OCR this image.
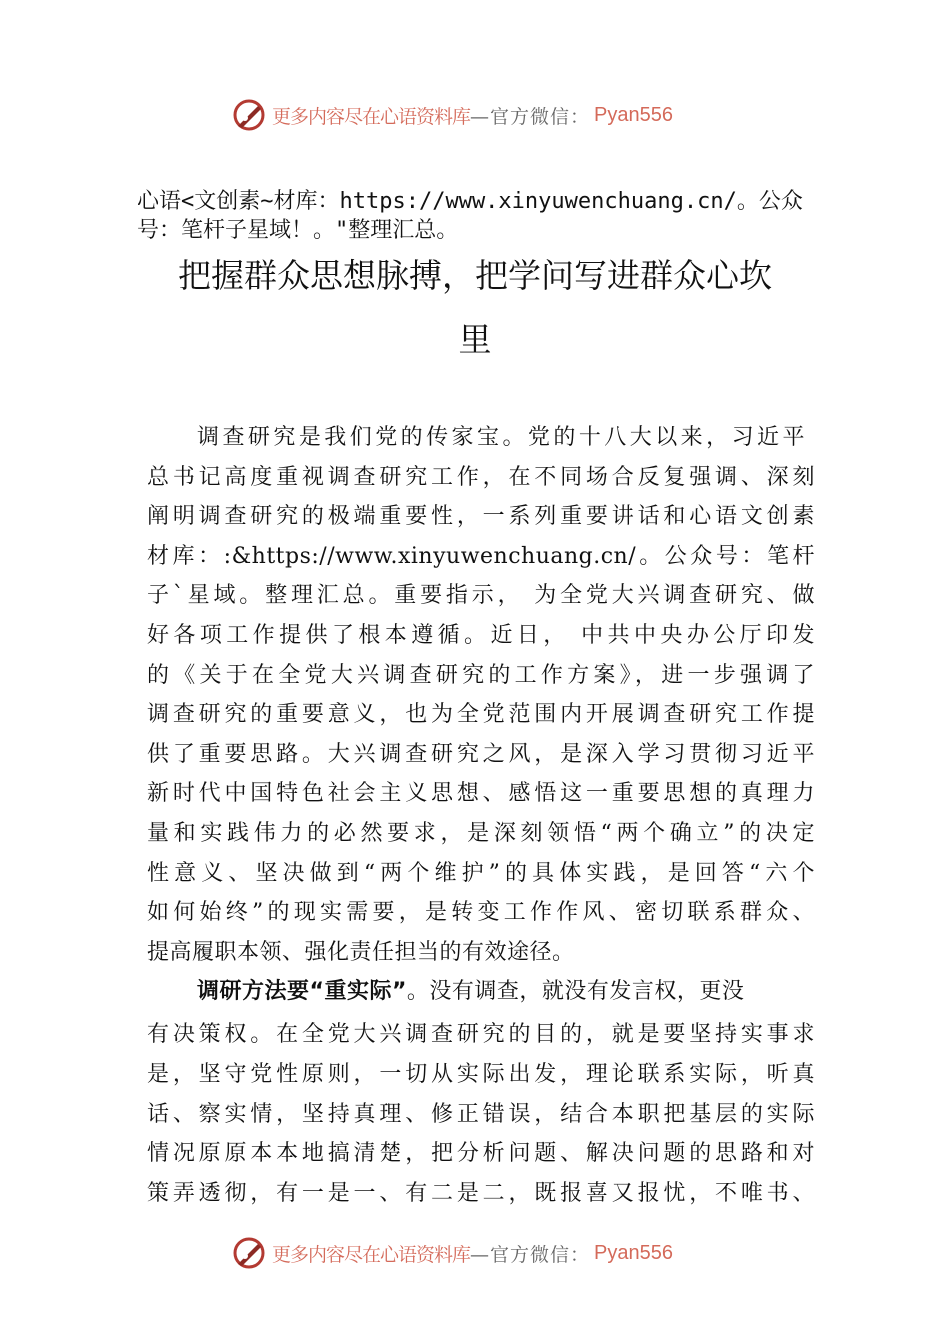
更多内容尽在心语资料库 —官方微信： Pyan556
心语<文创素~材库：https://www.xinyuwenchuang.cn/。公众
号：笔杆子星域！。"整理汇总。
把握群众思想脉搏，把学问写进群众心坎
里
调查研究是我们党的传家宝。党的十八大以来，习近平
总书记高度重视调查研究工作，在不同场合反复强调、深刻
阐明调查研究的极端重要性，一系列重要讲话和心语文创素
材库：:&https://www.xinyuwenchuang.cn/。公众号：笔杆
子`星域。整理汇总。重要指示， 为全党大兴调查研究、做
好各项工作提供了根本遵循。近日， 中共中央办公厅印发
的《关于在全党大兴调查研究的工作方案》，进一步强调了
调查研究的重要意义，也为全党范围内开展调查研究工作提
供了重要思路。大兴调查研究之风，是深入学习贯彻习近平
新时代中国特色社会主义思想、感悟这一重要思想的真理力
量和实践伟力的必然要求，是深刻领悟“两个确立”的决定
性意义、坚决做到“两个维护”的具体实践，是回答“六个
如何始终”的现实需要，是转变工作作风、密切联系群众、
提高履职本领、强化责任担当的有效途径。
调研方法要“重实际”。没有调查，就没有发言权，更没
有决策权。在全党大兴调查研究的目的，就是要坚持实事求
是，坚守党性原则，一切从实际出发，理论联系实际，听真
话、察实情，坚持真理、修正错误，结合本职把基层的实际
情况原原本本地搞清楚，把分析问题、解决问题的思路和对
策弄透彻，有一是一、有二是二，既报喜又报忧，不唯书、
更多内容尽在心语资料库 —官方微信： Pyan556
